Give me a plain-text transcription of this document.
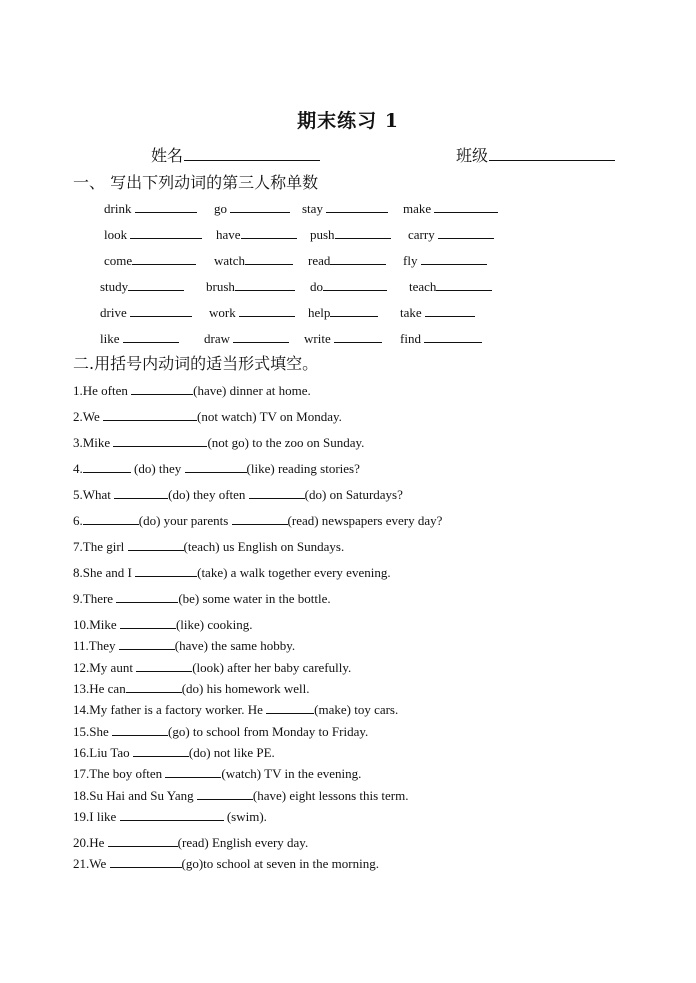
期末练习 1
姓名	班级
一、 写出下列动词的第三人称单数
drink	go	stay	make
look	have	push	carry
come	watch	read	fly
study	brush	do	teach
drive	work	help	take
like	draw	write	find
二.用括号内动词的适当形式填空。
1.He often	(have) dinner at home.
2.We	(not watch) TV on Monday.
3.Mike	(not go) to the zoo on Sunday.
4.	(do) they	(like) reading stories?
5.What	(do) they often	(do) on Saturdays?
6.	(do) your parents	(read) newspapers every day?
7.The girl	(teach) us English on Sundays.
8.She and I	(take) a walk together every evening.
9.There	(be) some water in the bottle.
10.Mike	(like) cooking.
11.They	(have) the same hobby.
12.My aunt	(look) after her baby carefully.
13.He can	(do) his homework well.
14.My father is a factory worker. He	(make) toy cars.
15.She	(go) to school from Monday to Friday.
16.Liu Tao	(do) not like PE.
17.The boy often	(watch) TV in the evening.
18.Su Hai and Su Yang	(have) eight lessons this term.
19.I like	(swim).
20.He	(read) English every day.
21.We	(go)to school at seven in the morning.
